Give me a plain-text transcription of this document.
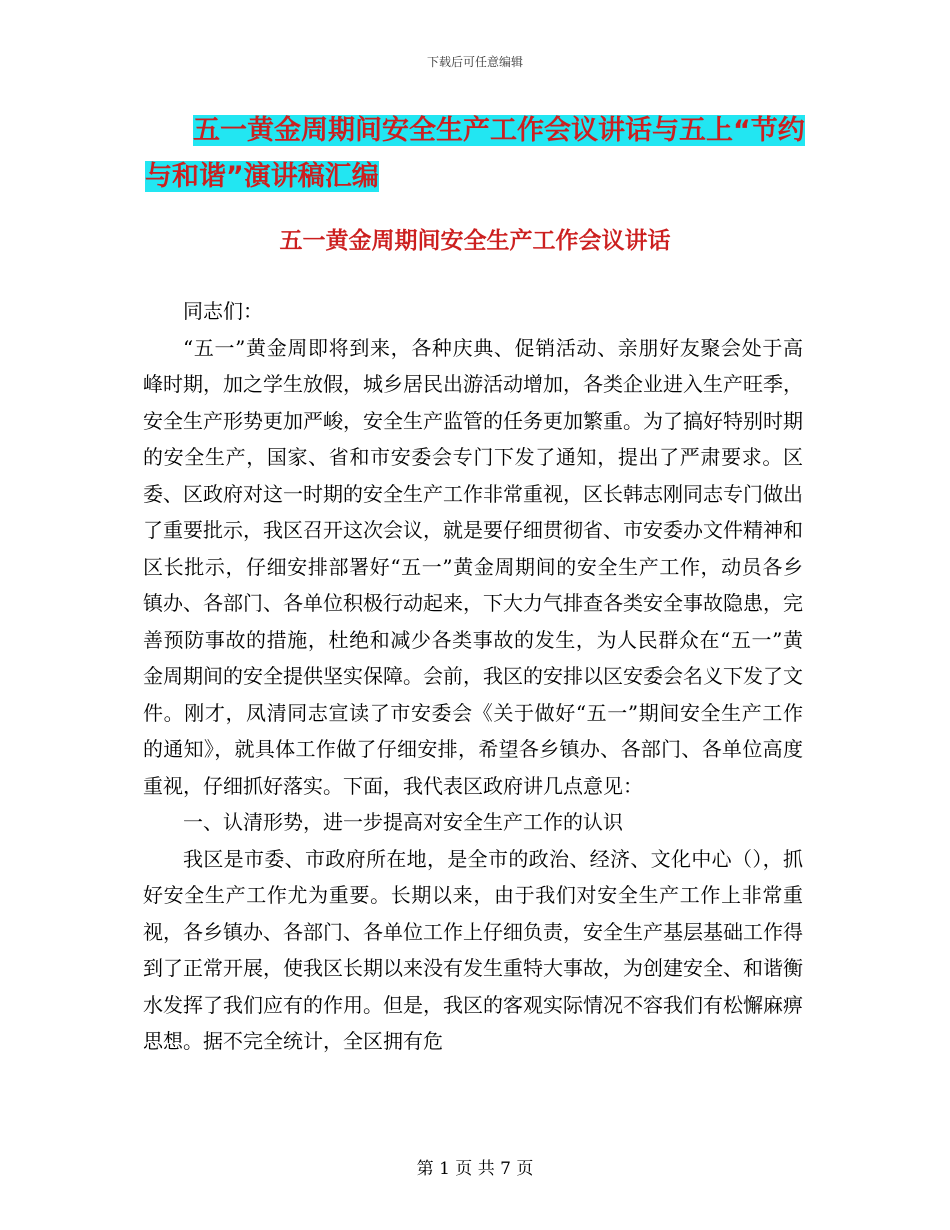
下载后可任意编辑
五一黄金周期间安全生产工作会议讲话与五上“节约
与和谐”演讲稿汇编
五一黄金周期间安全生产工作会议讲话

同志们：

“五一”黄金周即将到来，各种庆典、促销活动、亲朋好友聚会处于高峰时期，加之学生放假，城乡居民出游活动增加，各类企业进入生产旺季，安全生产形势更加严峻，安全生产监管的任务更加繁重。为了搞好特别时期的安全生产，国家、省和市安委会专门下发了通知，提出了严肃要求。区委、区政府对这一时期的安全生产工作非常重视，区长韩志刚同志专门做出了重要批示，我区召开这次会议，就是要仔细贯彻省、市安委办文件精神和区长批示，仔细安排部署好“五一”黄金周期间的安全生产工作，动员各乡镇办、各部门、各单位积极行动起来，下大力气排查各类安全事故隐患，完善预防事故的措施，杜绝和减少各类事故的发生，为人民群众在“五一”黄金周期间的安全提供坚实保障。会前，我区的安排以区安委会名义下发了文件。刚才，凤清同志宣读了市安委会《关于做好“五一”期间安全生产工作的通知》，就具体工作做了仔细安排，希望各乡镇办、各部门、各单位高度重视，仔细抓好落实。下面，我代表区政府讲几点意见：

一、认清形势，进一步提高对安全生产工作的认识

我区是市委、市政府所在地，是全市的政治、经济、文化中心（），抓好安全生产工作尤为重要。长期以来，由于我们对安全生产工作上非常重视，各乡镇办、各部门、各单位工作上仔细负责，安全生产基层基础工作得到了正常开展，使我区长期以来没有发生重特大事故，为创建安全、和谐衡水发挥了我们应有的作用。但是，我区的客观实际情况不容我们有松懈麻痹思想。据不完全统计，全区拥有危

第 1 页 共 7 页
